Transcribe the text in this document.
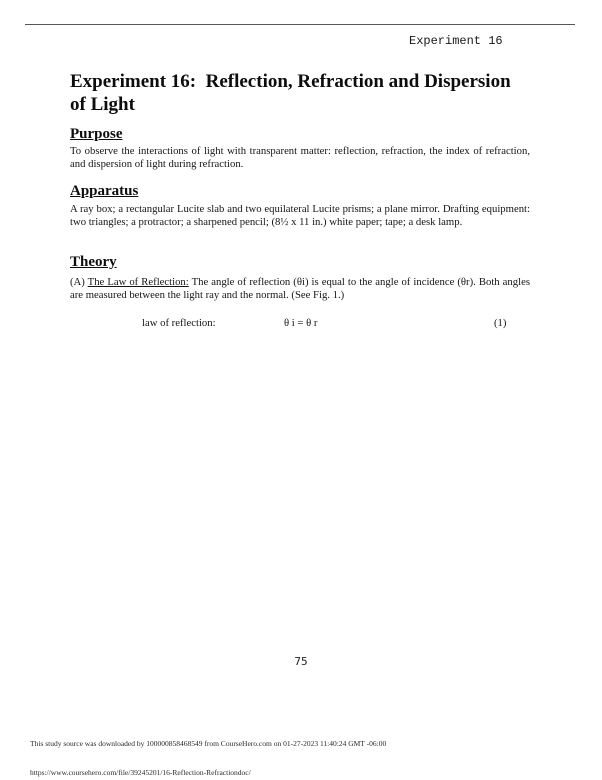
Experiment 16
Experiment 16:  Reflection, Refraction and Dispersion of Light
Purpose

To observe the interactions of light with transparent matter: reflection, refraction, the index of refraction, and dispersion of light during refraction.

Apparatus

A ray box; a rectangular Lucite slab and two equilateral Lucite prisms; a plane mirror. Drafting equipment: two triangles; a protractor; a sharpened pencil; (8½ x 11 in.) white paper; tape; a desk lamp.

Theory

(A) The Law of Reflection: The angle of reflection (θi) is equal to the angle of incidence (θr). Both angles are measured between the light ray and the normal. (See Fig. 1.)

law of reflection:	θ i = θ r	(1)
75
This study source was downloaded by 100000858468549 from CourseHero.com on 01-27-2023 11:40:24 GMT -06:00
https://www.coursehero.com/file/39245201/16-Reflection-Refractiondoc/
